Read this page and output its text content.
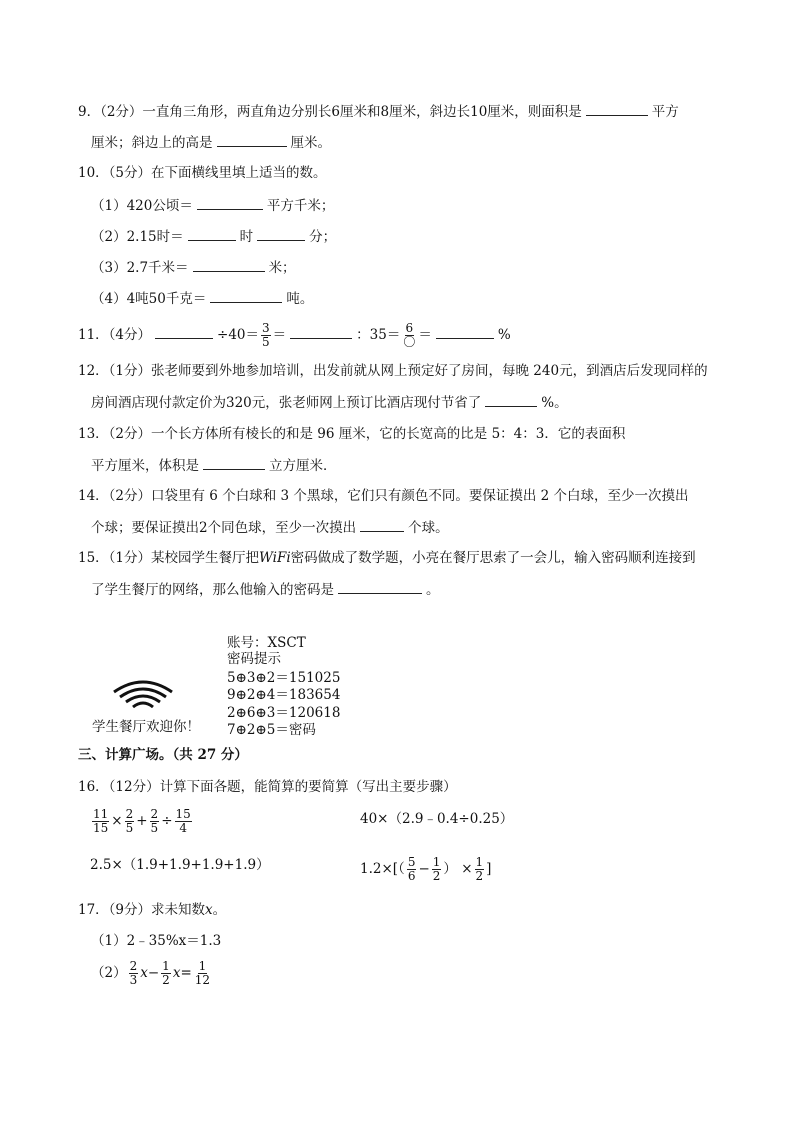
9．（2分）一直角三角形，两直角边分别长6厘米和8厘米，斜边长10厘米，则面积是	平方
厘米；斜边上的高是	厘米。
10．（5分）在下面横线里填上适当的数。
（1）420公顷＝	平方千米；
（2）2.15时＝	时	分；
（3）2.7千米＝	米；
（4）4吨50千克＝	吨。
11．（4分）	$\div 40= \frac{3}{5}$ ＝	：$35= \frac{6}{\text{〇}}$ ＝	%
12．（1分）张老师要到外地参加培训，出发前就从网上预定好了房间，每晚 240元，到酒店后发现同样的
房间酒店现付款定价为320元，张老师网上预订比酒店现付节省了	%。
13．（2分）一个长方体所有棱长的和是 96 厘米，它的长宽高的比是 5：4：3．它的表面积
平方厘米，体积是	立方厘米．
14．（2分）口袋里有 6 个白球和 3 个黑球，它们只有颜色不同。要保证摸出 2 个白球，至少一次摸出
个球；要保证摸出2个同色球，至少一次摸出	个球。
15．（1分）某校园学生餐厅把WiFi密码做成了数学题，小亮在餐厅思索了一会儿，输入密码顺利连接到
了学生餐厅的网络，那么他输入的密码是	。
学生餐厅欢迎你！
账号：XSCT
密码提示
5⊕3⊕2＝151025
9⊕2⊕4＝183654
2⊕6⊕3＝120618
7⊕2⊕5＝密码
三、计算广场。（共 27 分）
16．（12分）计算下面各题，能简算的要简算（写出主要步骤）
$\frac{11}{15} \times \frac{2}{5} + \frac{2}{5} \div \frac{15}{4}$	40×（2.9﹣0.4÷0.25）
2.5×（1.9+1.9+1.9+1.9）	$1.2\times[( \frac{5}{6} - \frac{1}{2}$ ） × $\frac{1}{2}$ ]
17．（9分）求未知数x。
（1）2﹣35%x＝1.3
$(2) \frac{2}{3} x- \frac{1}{2} x= \frac{1}{12}$
